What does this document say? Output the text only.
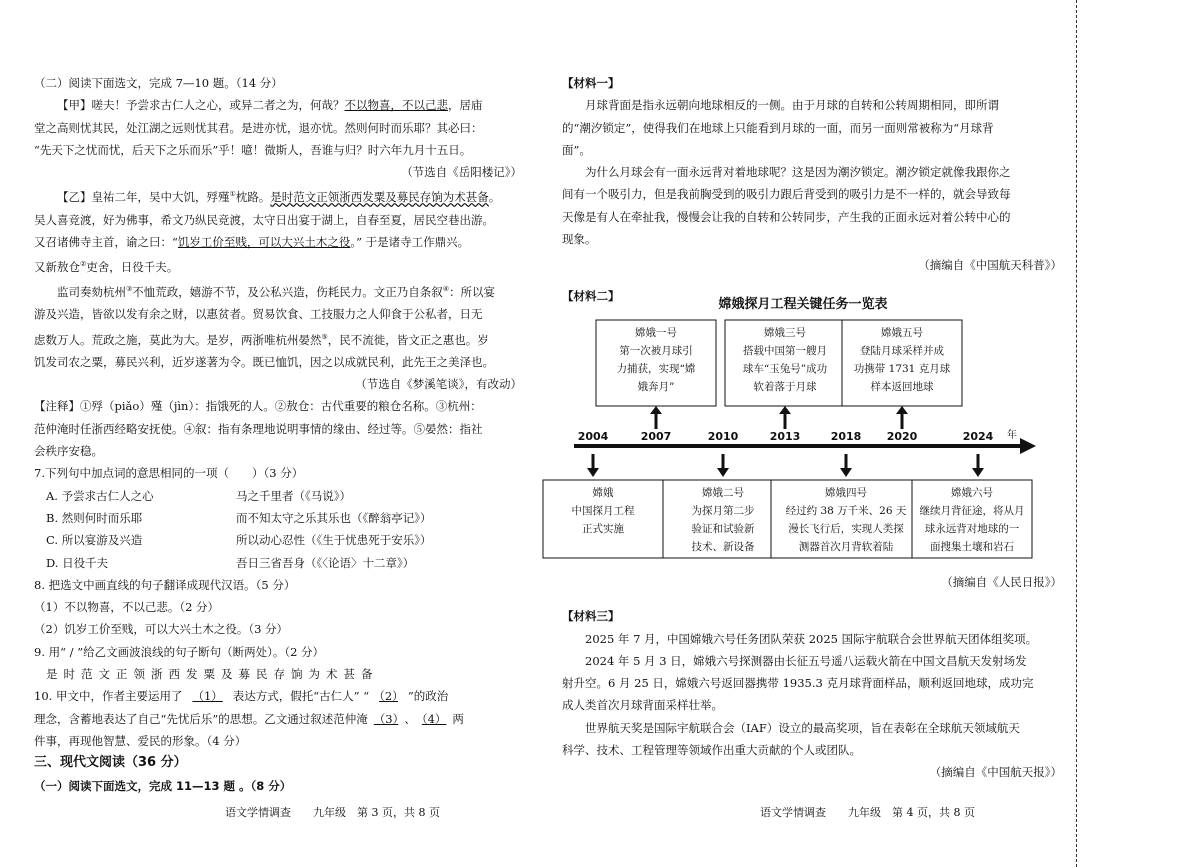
（二）阅读下面选文，完成 7—10 题。（14 分）

【甲】嗟夫！予尝求古仁人之心，或异二者之为，何哉？不以物喜，不以己悲，居庙

堂之高则忧其民，处江湖之远则忧其君。是进亦忧，退亦忧。然则何时而乐耶？其必曰：

“先天下之忧而忧，后天下之乐而乐”乎！噫！微斯人，吾谁与归？时六年九月十五日。

（节选自《岳阳楼记》）

【乙】皇祐二年，吴中大饥，殍殣①枕路。是时范文正领浙西发粟及募民存饷为术甚备。

吴人喜竞渡，好为佛事，希文乃纵民竞渡，太守日出宴于湖上，自春至夏，居民空巷出游。

又召诸佛寺主首，谕之曰：“饥岁工价至贱，可以大兴土木之役。” 于是诸寺工作鼎兴。

又新敖仓②吏舍，日役千夫。

监司奏劾杭州③不恤荒政，嬉游不节，及公私兴造，伤耗民力。文正乃自条叙④：所以宴

游及兴造，皆欲以发有余之财，以惠贫者。贸易饮食、工技服力之人仰食于公私者，日无

虑数万人。荒政之施，莫此为大。是岁，两浙唯杭州晏然⑤，民不流徙，皆文正之惠也。岁

饥发司农之粟，募民兴利，近岁遂著为令。既已恤饥，因之以成就民利，此先王之美泽也。

（节选自《梦溪笔谈》，有改动）

【注释】①殍（piǎo）殣（jìn）：指饿死的人。②敖仓：古代重要的粮仓名称。③杭州：

范仲淹时任浙西经略安抚使。④叙：指有条理地说明事情的缘由、经过等。⑤晏然：指社

会秩序安稳。

7.下列句中加点词的意思相同的一项（　　）（3 分）

A. 予尝求古仁人之心	马之千里者（《马说》）

B. 然则何时而乐耶	而不知太守之乐其乐也（《醉翁亭记》）

C. 所以宴游及兴造	所以动心忍性（《生于忧患死于安乐》）

D. 日役千夫	吾日三省吾身（《〈论语〉十二章》）

8. 把选文中画直线的句子翻译成现代汉语。（5 分）

（1）不以物喜，不以己悲。（2 分）

（2）饥岁工价至贱，可以大兴土木之役。（3 分）

9. 用“ / ”给乙文画波浪线的句子断句（断两处）。（2 分）

是时范文正领浙西发粟及募民存饷为术甚备

10. 甲文中，作者主要运用了 （1） 表达方式，假托“古仁人” “ （2） ”的政治

理念，含蓄地表达了自己“先忧后乐”的思想。乙文通过叙述范仲淹 （3） 、 （4） 两

件事，再现他智慧、爱民的形象。（4 分）

三、现代文阅读（36 分）

（一）阅读下面选文，完成 11—13 题 。（8 分）

语文学情调查　　九年级　第 3 页，共 8 页

【材料一】

月球背面是指永远朝向地球相反的一侧。由于月球的自转和公转周期相同，即所谓

的“潮汐锁定”，使得我们在地球上只能看到月球的一面，而另一面则常被称为“月球背

面”。

为什么月球会有一面永远背对着地球呢？这是因为潮汐锁定。潮汐锁定就像我跟你之

间有一个吸引力，但是我前胸受到的吸引力跟后背受到的吸引力是不一样的，就会导致每

天像是有人在牵扯我，慢慢会让我的自转和公转同步，产生我的正面永远对着公转中心的

现象。

（摘编自《中国航天科普》）

【材料二】

嫦娥探月工程关键任务一览表
年
2004	2007	2010	2013	2018 2020	2024
嫦娥一号
第一次被月球引
力捕获，实现“嫦
娥奔月”
嫦娥三号
搭载中国第一艘月
球车“玉兔号”成功
软着落于月球
嫦娥五号
登陆月球采样并成
功携带 1731 克月球
样本返回地球
嫦娥
中国探月工程
正式实施
嫦娥二号
为探月第二步
验证和试验新
技术、新设备
嫦娥四号
经过约 38 万千米、26 天
漫长飞行后，实现人类探
测器首次月背软着陆
嫦娥六号
继续月背征途，将从月
球永远背对地球的一
面搜集土壤和岩石

（摘编自《人民日报》）

【材料三】

2025 年 7 月，中国嫦娥六号任务团队荣获 2025 国际宇航联合会世界航天团体组奖项。

2024 年 5 月 3 日，嫦娥六号探测器由长征五号遥八运载火箭在中国文昌航天发射场发

射升空。6 月 25 日，嫦娥六号返回器携带 1935.3 克月球背面样品，顺利返回地球，成功完

成人类首次月球背面采样壮举。

世界航天奖是国际宇航联合会（IAF）设立的最高奖项，旨在表彰在全球航天领域航天

科学、技术、工程管理等领域作出重大贡献的个人或团队。

（摘编自《中国航天报》）

语文学情调查　　九年级　第 4 页，共 8 页
